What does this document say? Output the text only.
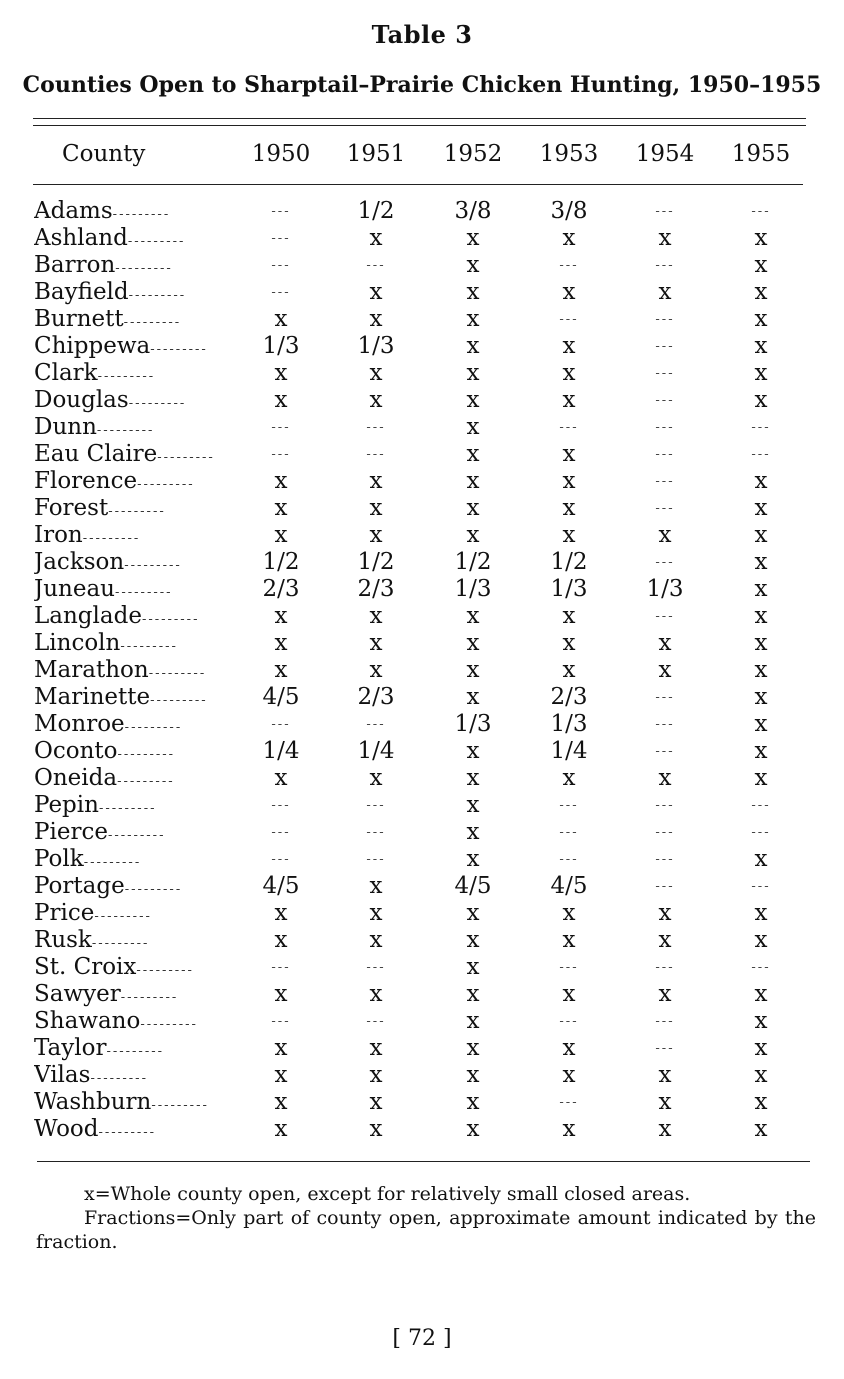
Table 3
Counties Open to Sharptail–Prairie Chicken Hunting, 1950–1955
County	1950	1951	1952	1953	1954	1955
Adams---------	---	1/2	3/8	3/8	---	---
Ashland---------	---	x	x	x	x	x
Barron---------	---	---	x	---	---	x
Bayfield---------	---	x	x	x	x	x
Burnett---------	x	x	x	---	---	x
Chippewa---------	1/3	1/3	x	x	---	x
Clark---------	x	x	x	x	---	x
Douglas---------	x	x	x	x	---	x
Dunn---------	---	---	x	---	---	---
Eau Claire---------	---	---	x	x	---	---
Florence---------	x	x	x	x	---	x
Forest---------	x	x	x	x	---	x
Iron---------	x	x	x	x	x	x
Jackson---------	1/2	1/2	1/2	1/2	---	x
Juneau---------	2/3	2/3	1/3	1/3	1/3	x
Langlade---------	x	x	x	x	---	x
Lincoln---------	x	x	x	x	x	x
Marathon---------	x	x	x	x	x	x
Marinette---------	4/5	2/3	x	2/3	---	x
Monroe---------	---	---	1/3	1/3	---	x
Oconto---------	1/4	1/4	x	1/4	---	x
Oneida---------	x	x	x	x	x	x
Pepin---------	---	---	x	---	---	---
Pierce---------	---	---	x	---	---	---
Polk---------	---	---	x	---	---	x
Portage---------	4/5	x	4/5	4/5	---	---
Price---------	x	x	x	x	x	x
Rusk---------	x	x	x	x	x	x
St. Croix---------	---	---	x	---	---	---
Sawyer---------	x	x	x	x	x	x
Shawano---------	---	---	x	---	---	x
Taylor---------	x	x	x	x	---	x
Vilas---------	x	x	x	x	x	x
Washburn---------	x	x	x	---	x	x
Wood---------	x	x	x	x	x	x

x=Whole county open, except for relatively small closed areas.

Fractions=Only part of county open, approximate amount indicated by the fraction.

[ 72 ]
